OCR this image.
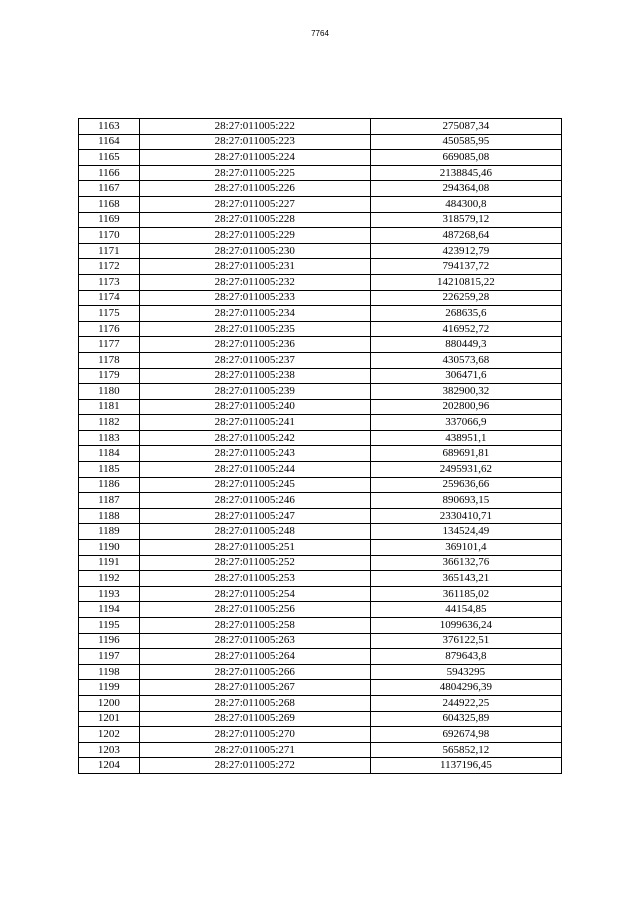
7764
1163	28:27:011005:222	275087,34
1164	28:27:011005:223	450585,95
1165	28:27:011005:224	669085,08
1166	28:27:011005:225	2138845,46
1167	28:27:011005:226	294364,08
1168	28:27:011005:227	484300,8
1169	28:27:011005:228	318579,12
1170	28:27:011005:229	487268,64
1171	28:27:011005:230	423912,79
1172	28:27:011005:231	794137,72
1173	28:27:011005:232	14210815,22
1174	28:27:011005:233	226259,28
1175	28:27:011005:234	268635,6
1176	28:27:011005:235	416952,72
1177	28:27:011005:236	880449,3
1178	28:27:011005:237	430573,68
1179	28:27:011005:238	306471,6
1180	28:27:011005:239	382900,32
1181	28:27:011005:240	202800,96
1182	28:27:011005:241	337066,9
1183	28:27:011005:242	438951,1
1184	28:27:011005:243	689691,81
1185	28:27:011005:244	2495931,62
1186	28:27:011005:245	259636,66
1187	28:27:011005:246	890693,15
1188	28:27:011005:247	2330410,71
1189	28:27:011005:248	134524,49
1190	28:27:011005:251	369101,4
1191	28:27:011005:252	366132,76
1192	28:27:011005:253	365143,21
1193	28:27:011005:254	361185,02
1194	28:27:011005:256	44154,85
1195	28:27:011005:258	1099636,24
1196	28:27:011005:263	376122,51
1197	28:27:011005:264	879643,8
1198	28:27:011005:266	5943295
1199	28:27:011005:267	4804296,39
1200	28:27:011005:268	244922,25
1201	28:27:011005:269	604325,89
1202	28:27:011005:270	692674,98
1203	28:27:011005:271	565852,12
1204	28:27:011005:272	1137196,45
